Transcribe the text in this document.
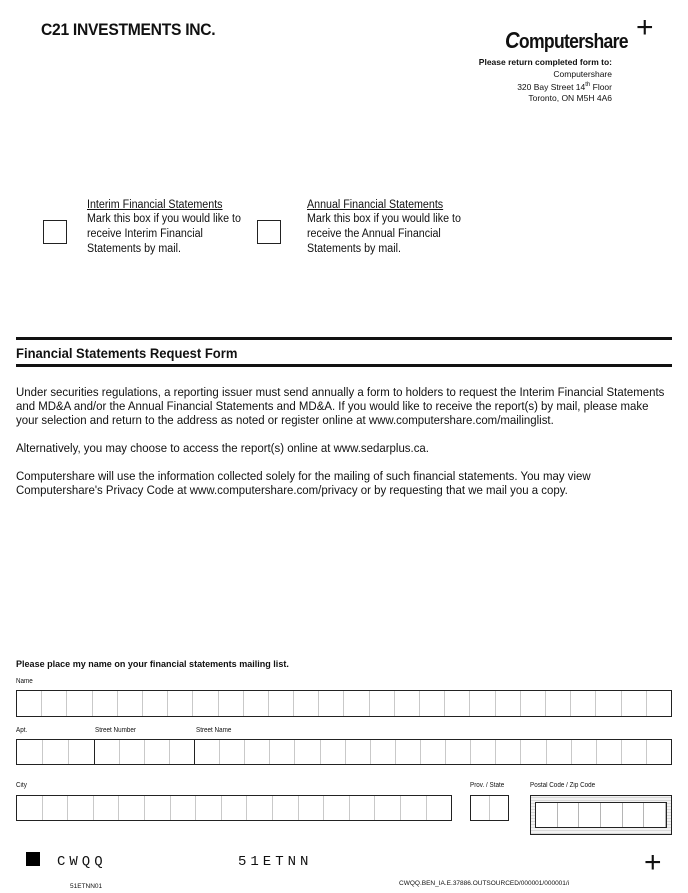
C21 INVESTMENTS INC.	+
Computershare
Please return completed form to:
Computershare
320 Bay Street 14th Floor
Toronto, ON M5H 4A6
Interim Financial Statements
Mark this box if you would like to receive Interim Financial Statements by mail.
Annual Financial Statements
Mark this box if you would like to receive the Annual Financial Statements by mail.
Financial Statements Request Form
Under securities regulations, a reporting issuer must send annually a form to holders to request the Interim Financial Statements and MD&A and/or the Annual Financial Statements and MD&A. If you would like to receive the report(s) by mail, please make your selection and return to the address as noted or register online at www.computershare.com/mailinglist.
Alternatively, you may choose to access the report(s) online at www.sedarplus.ca.
Computershare will use the information collected solely for the mailing of such financial statements. You may view Computershare's Privacy Code at www.computershare.com/privacy or by requesting that we mail you a copy.
Please place my name on your financial statements mailing list.
Name
Apt.	Street Number	Street Name
City	Prov. / State	Postal Code / Zip Code
CWQQ	51ETNN	+
51ETNN01	CWQQ.BEN_IA.E.37886.OUTSOURCED/000001/000001/i
